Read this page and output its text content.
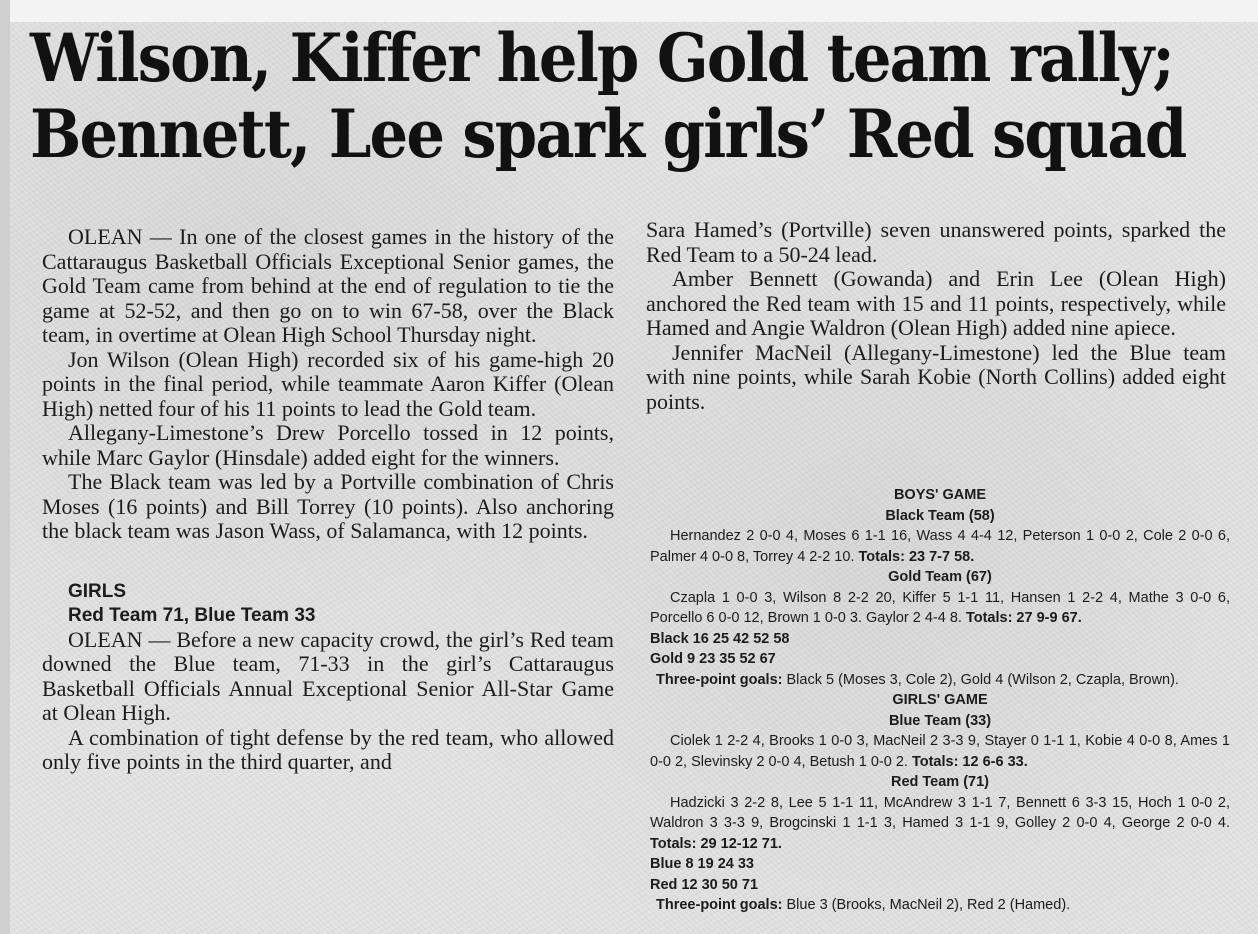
Wilson, Kiffer help Gold team rally;
Bennett, Lee spark girls’ Red squad

OLEAN — In one of the closest games in the history of the Cattaraugus Basketball Officials Exceptional Senior games, the Gold Team came from behind at the end of regulation to tie the game at 52-52, and then go on to win 67-58, over the Black team, in overtime at Olean High School Thursday night.

Jon Wilson (Olean High) recorded six of his game-high 20 points in the final period, while teammate Aaron Kiffer (Olean High) netted four of his 11 points to lead the Gold team.

Allegany-Limestone’s Drew Porcello tossed in 12 points, while Marc Gaylor (Hinsdale) added eight for the winners.

The Black team was led by a Portville combination of Chris Moses (16 points) and Bill Torrey (10 points). Also anchoring the black team was Jason Wass, of Salamanca, with 12 points.

GIRLS

Red Team 71, Blue Team 33

OLEAN — Before a new capacity crowd, the girl’s Red team downed the Blue team, 71-33 in the girl’s Cattaraugus Basketball Officials Annual Exceptional Senior All-Star Game at Olean High.

A combination of tight defense by the red team, who allowed only five points in the third quarter, and

Sara Hamed’s (Portville) seven unanswered points, sparked the Red Team to a 50-24 lead.

Amber Bennett (Gowanda) and Erin Lee (Olean High) anchored the Red team with 15 and 11 points, respectively, while Hamed and Angie Waldron (Olean High) added nine apiece.

Jennifer MacNeil (Allegany-Limestone) led the Blue team with nine points, while Sarah Kobie (North Collins) added eight points.

BOYS' GAME
Black Team (58)

Hernandez 2 0-0 4, Moses 6 1-1 16, Wass 4 4-4 12, Peterson 1 0-0 2, Cole 2 0-0 6, Palmer 4 0-0 8, Torrey 4 2-2 10. Totals: 23 7-7 58.

Gold Team (67)

Czapla 1 0-0 3, Wilson 8 2-2 20, Kiffer 5 1-1 11, Hansen 1 2-2 4, Mathe 3 0-0 6, Porcello 6 0-0 12, Brown 1 0-0 3. Gaylor 2 4-4 8. Totals: 27 9-9 67.

Black 16 25 42 52 58

Gold 9 23 35 52 67

Three-point goals: Black 5 (Moses 3, Cole 2), Gold 4 (Wilson 2, Czapla, Brown).

GIRLS' GAME
Blue Team (33)

Ciolek 1 2-2 4, Brooks 1 0-0 3, MacNeil 2 3-3 9, Stayer 0 1-1 1, Kobie 4 0-0 8, Ames 1 0-0 2, Slevinsky 2 0-0 4, Betush 1 0-0 2. Totals: 12 6-6 33.

Red Team (71)

Hadzicki 3 2-2 8, Lee 5 1-1 11, McAndrew 3 1-1 7, Bennett 6 3-3 15, Hoch 1 0-0 2, Waldron 3 3-3 9, Brogcinski 1 1-1 3, Hamed 3 1-1 9, Golley 2 0-0 4, George 2 0-0 4. Totals: 29 12-12 71.

Blue 8 19 24 33

Red 12 30 50 71

Three-point goals: Blue 3 (Brooks, MacNeil 2), Red 2 (Hamed).
